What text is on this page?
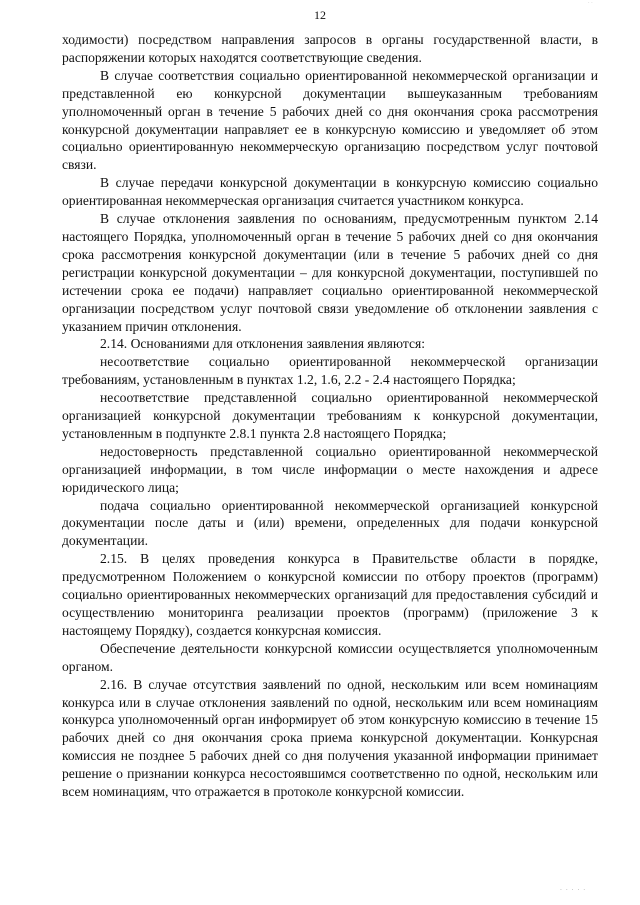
· ·
12

ходимости) посредством направления запросов в органы государственной власти, в распоряжении которых находятся соответствующие сведения.

В случае соответствия социально ориентированной некоммерческой организации и представленной ею конкурсной документации вышеуказанным требованиям уполномоченный орган в течение 5 рабочих дней со дня окончания срока рассмотрения конкурсной документации направляет ее в конкурсную комиссию и уведомляет об этом социально ориентированную некоммерческую организацию посредством услуг почтовой связи.

В случае передачи конкурсной документации в конкурсную комиссию социально ориентированная некоммерческая организация считается участником конкурса.

В случае отклонения заявления по основаниям, предусмотренным пунктом 2.14 настоящего Порядка, уполномоченный орган в течение 5 рабочих дней со дня окончания срока рассмотрения конкурсной документации (или в течение 5 рабочих дней со дня регистрации конкурсной документации – для конкурсной документации, поступившей по истечении срока ее подачи) направляет социально ориентированной некоммерческой организации посредством услуг почтовой связи уведомление об отклонении заявления с указанием причин отклонения.

2.14. Основаниями для отклонения заявления являются:

несоответствие социально ориентированной некоммерческой организации требованиям, установленным в пунктах 1.2, 1.6, 2.2 - 2.4 настоящего Порядка;

несоответствие представленной социально ориентированной некоммерческой организацией конкурсной документации требованиям к конкурсной документации, установленным в подпункте 2.8.1 пункта 2.8 настоящего Порядка;

недостоверность представленной социально ориентированной некоммерческой организацией информации, в том числе информации о месте нахождения и адресе юридического лица;

подача социально ориентированной некоммерческой организацией конкурсной документации после даты и (или) времени, определенных для подачи конкурсной документации.

2.15. В целях проведения конкурса в Правительстве области в порядке, предусмотренном Положением о конкурсной комиссии по отбору проектов (программ) социально ориентированных некоммерческих организаций для предоставления субсидий и осуществлению мониторинга реализации проектов (программ) (приложение 3 к настоящему Порядку), создается конкурсная комиссия.

Обеспечение деятельности конкурсной комиссии осуществляется уполномоченным органом.

2.16. В случае отсутствия заявлений по одной, нескольким или всем номинациям конкурса или в случае отклонения заявлений по одной, нескольким или всем номинациям конкурса уполномоченный орган информирует об этом конкурсную комиссию в течение 15 рабочих дней со дня окончания срока приема конкурсной документации. Конкурсная комиссия не позднее 5 рабочих дней со дня получения указанной информации принимает решение о признании конкурса несостоявшимся соответственно по одной, нескольким или всем номинациям, что отражается в протоколе конкурсной комиссии.

· · · · ·
